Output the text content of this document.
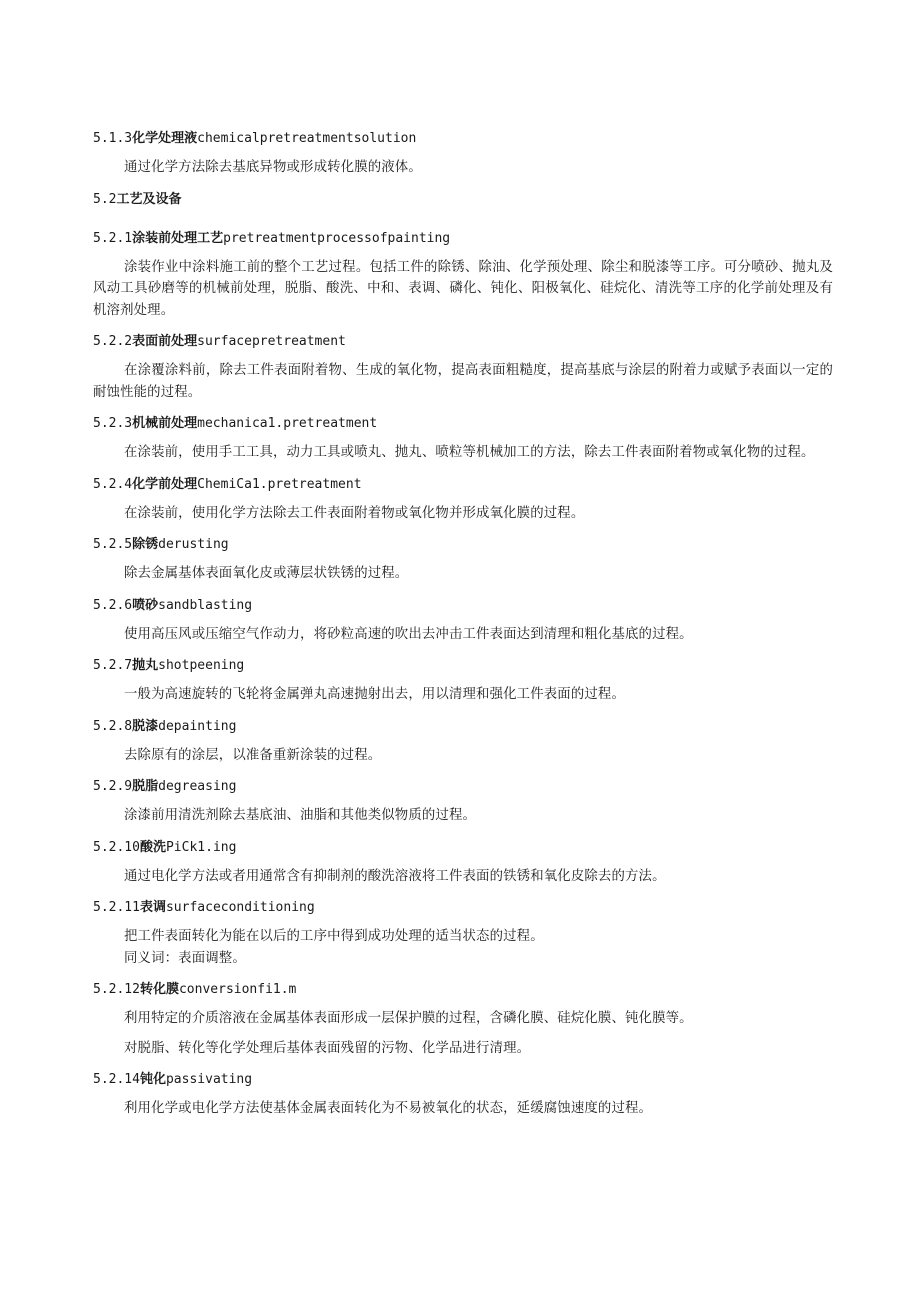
5.1.3化学处理液chemicalpretreatmentsolution

通过化学方法除去基底异物或形成转化膜的液体。

5.2工艺及设备
5.2.1涂装前处理工艺pretreatmentprocessofpainting

涂装作业中涂料施工前的整个工艺过程。包括工件的除锈、除油、化学预处理、除尘和脱漆等工序。可分喷砂、抛丸及风动工具砂磨等的机械前处理，脱脂、酸洗、中和、表调、磷化、钝化、阳极氧化、硅烷化、清洗等工序的化学前处理及有机溶剂处理。

5.2.2表面前处理surfacepretreatment

在涂覆涂料前，除去工件表面附着物、生成的氧化物，提高表面粗糙度，提高基底与涂层的附着力或赋予表面以一定的耐蚀性能的过程。

5.2.3机械前处理mechanica1.pretreatment

在涂装前，使用手工工具，动力工具或喷丸、抛丸、喷粒等机械加工的方法，除去工件表面附着物或氧化物的过程。

5.2.4化学前处理ChemiCa1.pretreatment

在涂装前，使用化学方法除去工件表面附着物或氧化物并形成氧化膜的过程。

5.2.5除锈derusting

除去金属基体表面氧化皮或薄层状铁锈的过程。

5.2.6喷砂sandblasting

使用高压风或压缩空气作动力，将砂粒高速的吹出去冲击工件表面达到清理和粗化基底的过程。

5.2.7抛丸shotpeening

一般为高速旋转的飞轮将金属弹丸高速抛射出去，用以清理和强化工件表面的过程。

5.2.8脱漆depainting

去除原有的涂层，以准备重新涂装的过程。

5.2.9脱脂degreasing

涂漆前用清洗剂除去基底油、油脂和其他类似物质的过程。

5.2.10酸洗PiCk1.ing

通过电化学方法或者用通常含有抑制剂的酸洗溶液将工件表面的铁锈和氧化皮除去的方法。

5.2.11表调surfaceconditioning

把工件表面转化为能在以后的工序中得到成功处理的适当状态的过程。

同义词：表面调整。

5.2.12转化膜conversionfi1.m

利用特定的介质溶液在金属基体表面形成一层保护膜的过程，含磷化膜、硅烷化膜、钝化膜等。

对脱脂、转化等化学处理后基体表面残留的污物、化学品进行清理。

5.2.14钝化passivating

利用化学或电化学方法使基体金属表面转化为不易被氧化的状态，延缓腐蚀速度的过程。
